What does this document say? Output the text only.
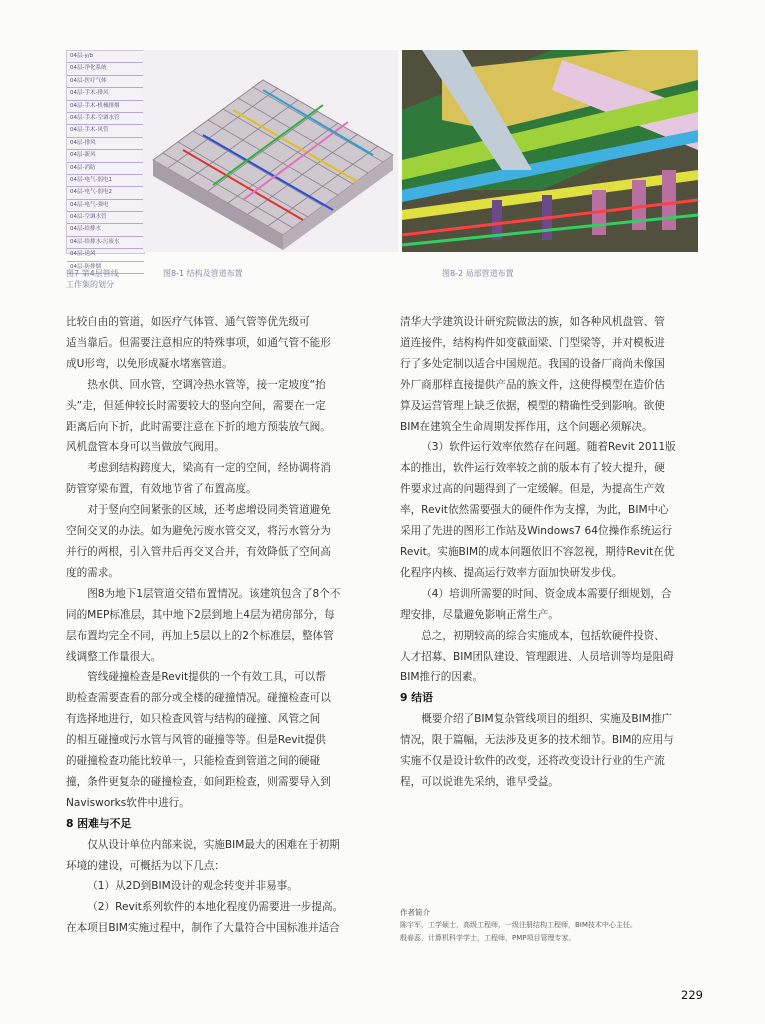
04层-y/b
04层-净化系统
04层-医疗气体
04层-手术-排风
04层-手术-机械排烟
04层-手术-空调水管
04层-手术-风管
04层-排风
04层-新风
04层-消防
04层-电气-弱电1
04层-电气-弱电2
04层-电气-强电
04层-空调水管
04层-给排水
04层-给排水-污废水
04层-送风
04层-防排烟
图7 第4层管线
工作集的划分
图8-1 结构及管道布置	图8-2 局部管道布置

比较自由的管道，如医疗气体管、通气管等优先级可
适当靠后。但需要注意相应的特殊事项，如通气管不能形
成U形弯，以免形成凝水堵塞管道。

热水供、回水管，空调冷热水管等，接一定坡度“抬
头”走，但延伸较长时需要较大的竖向空间，需要在一定
距离后向下折，此时需要注意在下折的地方预装放气阀。
风机盘管本身可以当做放气阀用。

考虑到结构跨度大，梁高有一定的空间，经协调将消
防管穿梁布置，有效地节省了布置高度。

对于竖向空间紧张的区域，还考虑增设同类管道避免
空间交叉的办法。如为避免污废水管交叉，将污水管分为
并行的两根，引入管井后再交叉合并，有效降低了空间高
度的需求。

图8为地下1层管道交错布置情况。该建筑包含了8个不
同的MEP标准层，其中地下2层到地上4层为裙房部分，每
层布置均完全不同，再加上5层以上的2个标准层，整体管
线调整工作量很大。

管线碰撞检查是Revit提供的一个有效工具，可以帮
助检查需要查看的部分或全楼的碰撞情况。碰撞检查可以
有选择地进行，如只检查风管与结构的碰撞、风管之间
的相互碰撞或污水管与风管的碰撞等等。但是Revit提供
的碰撞检查功能比较单一，只能检查到管道之间的硬碰
撞，条件更复杂的碰撞检查，如间距检查，则需要导入到
Navisworks软件中进行。

8 困难与不足

仅从设计单位内部来说，实施BIM最大的困难在于初期
环境的建设，可概括为以下几点：

（1）从2D到BIM设计的观念转变并非易事。

（2）Revit系列软件的本地化程度仍需要进一步提高。
在本项目BIM实施过程中，制作了大量符合中国标准并适合

清华大学建筑设计研究院做法的族，如各种风机盘管、管
道连接件，结构构件如变截面梁、门型梁等，并对模板进
行了多处定制以适合中国规范。我国的设备厂商尚未像国
外厂商那样直接提供产品的族文件，这使得模型在造价估
算及运营管理上缺乏依据，模型的精确性受到影响。欲使
BIM在建筑全生命周期发挥作用，这个问题必须解决。

（3）软件运行效率依然存在问题。随着Revit 2011版
本的推出，软件运行效率较之前的版本有了较大提升，硬
件要求过高的问题得到了一定缓解。但是，为提高生产效
率，Revit依然需要强大的硬件作为支撑，为此，BIM中心
采用了先进的图形工作站及Windows7 64位操作系统运行
Revit。实施BIM的成本问题依旧不容忽视，期待Revit在优
化程序内核、提高运行效率方面加快研发步伐。

（4）培训所需要的时间、资金成本需要仔细规划，合
理安排，尽量避免影响正常生产。

总之，初期较高的综合实施成本，包括软硬件投资、
人才招募、BIM团队建设、管理跟进、人员培训等均是阻碍
BIM推行的因素。

9 结语

概要介绍了BIM复杂管线项目的组织、实施及BIM推广
情况，限于篇幅，无法涉及更多的技术细节。BIM的应用与
实施不仅是设计软件的改变，还将改变设计行业的生产流
程，可以说谁先采纳，谁早受益。

作者简介
陈宇军，工学硕士，高级工程师，一级注册结构工程师，BIM技术中心主任。
殷春蕊，计算机科学学士，工程师，PMP项目管理专家。
229
